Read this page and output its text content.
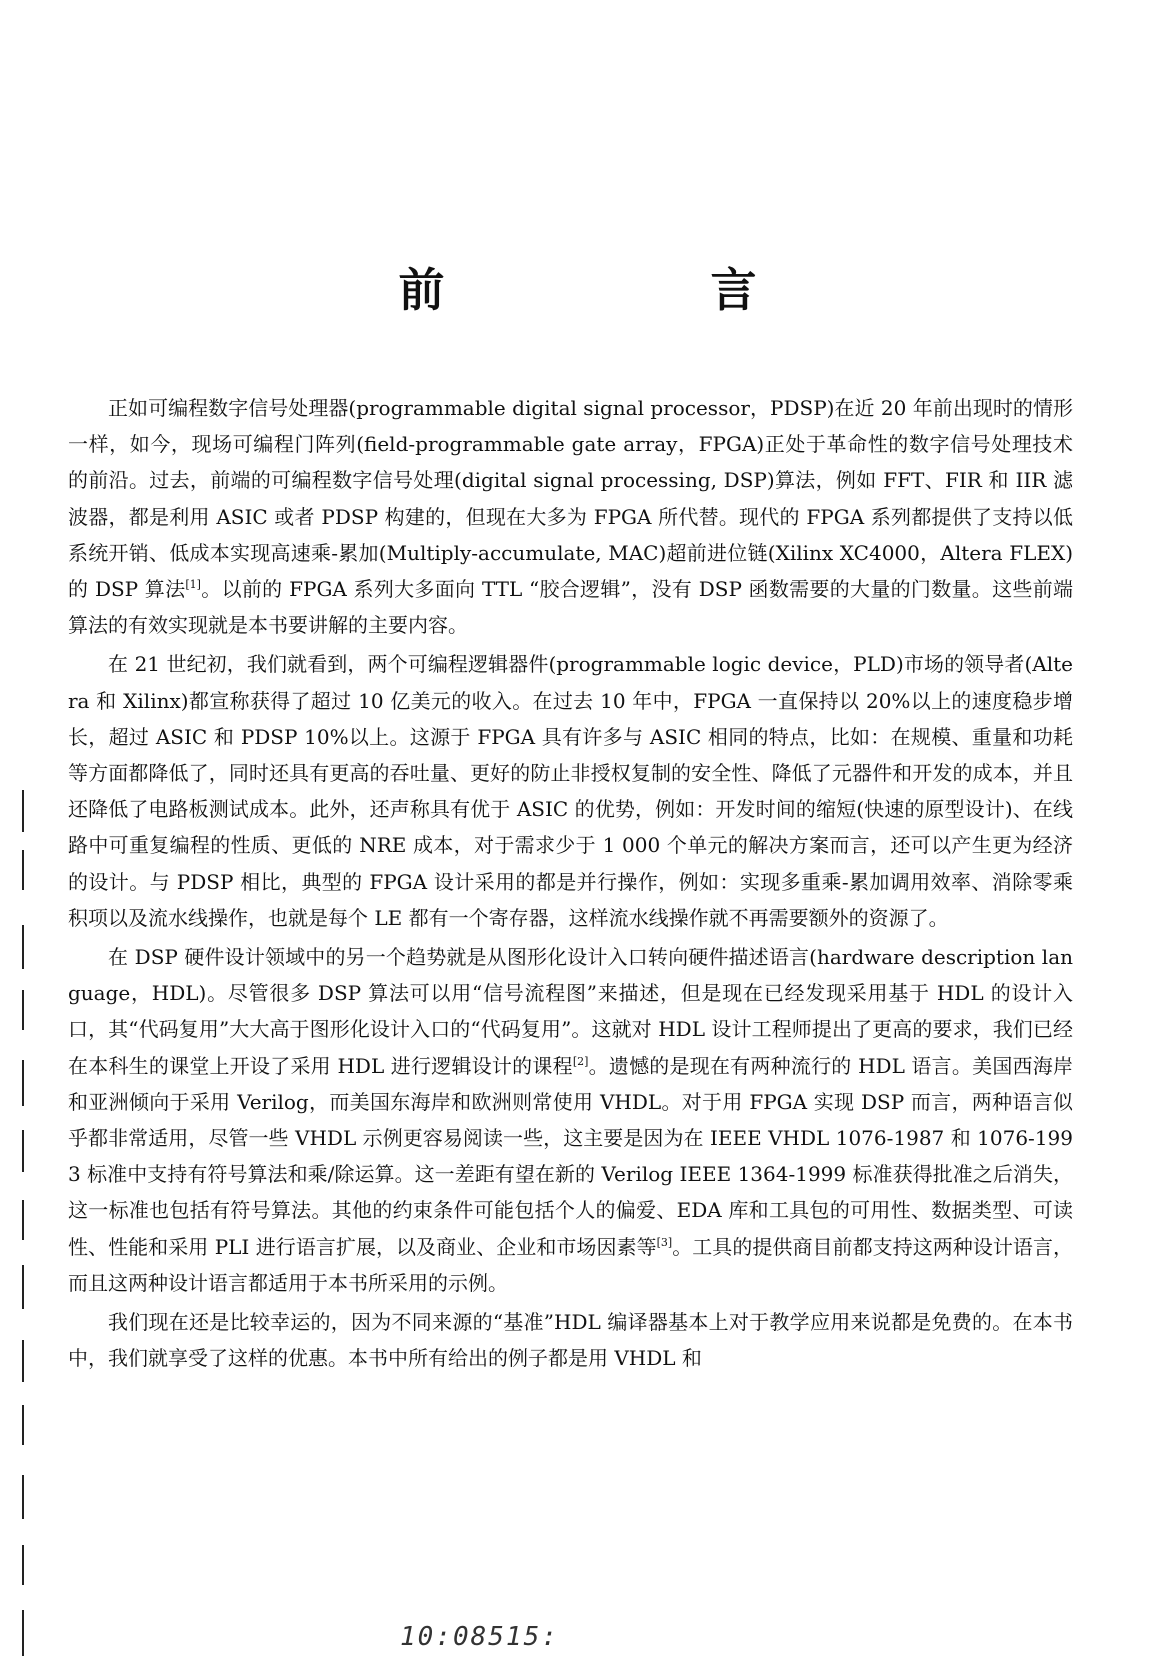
前　言

正如可编程数字信号处理器(programmable digital signal processor，PDSP)在近 20 年前出现时的情形一样，如今，现场可编程门阵列(field-programmable gate array，FPGA)正处于革命性的数字信号处理技术的前沿。过去，前端的可编程数字信号处理(digital signal processing, DSP)算法，例如 FFT、FIR 和 IIR 滤波器，都是利用 ASIC 或者 PDSP 构建的，但现在大多为 FPGA 所代替。现代的 FPGA 系列都提供了支持以低系统开销、低成本实现高速乘-累加(Multiply-accumulate, MAC)超前进位链(Xilinx XC4000，Altera FLEX)的 DSP 算法[1]。以前的 FPGA 系列大多面向 TTL “胶合逻辑”，没有 DSP 函数需要的大量的门数量。这些前端算法的有效实现就是本书要讲解的主要内容。

在 21 世纪初，我们就看到，两个可编程逻辑器件(programmable logic device，PLD)市场的领导者(Altera 和 Xilinx)都宣称获得了超过 10 亿美元的收入。在过去 10 年中，FPGA 一直保持以 20%以上的速度稳步增长，超过 ASIC 和 PDSP 10%以上。这源于 FPGA 具有许多与 ASIC 相同的特点，比如：在规模、重量和功耗等方面都降低了，同时还具有更高的吞吐量、更好的防止非授权复制的安全性、降低了元器件和开发的成本，并且还降低了电路板测试成本。此外，还声称具有优于 ASIC 的优势，例如：开发时间的缩短(快速的原型设计)、在线路中可重复编程的性质、更低的 NRE 成本，对于需求少于 1 000 个单元的解决方案而言，还可以产生更为经济的设计。与 PDSP 相比，典型的 FPGA 设计采用的都是并行操作，例如：实现多重乘-累加调用效率、消除零乘积项以及流水线操作，也就是每个 LE 都有一个寄存器，这样流水线操作就不再需要额外的资源了。

在 DSP 硬件设计领域中的另一个趋势就是从图形化设计入口转向硬件描述语言(hardware description language，HDL)。尽管很多 DSP 算法可以用“信号流程图”来描述，但是现在已经发现采用基于 HDL 的设计入口，其“代码复用”大大高于图形化设计入口的“代码复用”。这就对 HDL 设计工程师提出了更高的要求，我们已经在本科生的课堂上开设了采用 HDL 进行逻辑设计的课程[2]。遗憾的是现在有两种流行的 HDL 语言。美国西海岸和亚洲倾向于采用 Verilog，而美国东海岸和欧洲则常使用 VHDL。对于用 FPGA 实现 DSP 而言，两种语言似乎都非常适用，尽管一些 VHDL 示例更容易阅读一些，这主要是因为在 IEEE VHDL 1076-1987 和 1076-1993 标准中支持有符号算法和乘/除运算。这一差距有望在新的 Verilog IEEE 1364-1999 标准获得批准之后消失，这一标准也包括有符号算法。其他的约束条件可能包括个人的偏爱、EDA 库和工具包的可用性、数据类型、可读性、性能和采用 PLI 进行语言扩展，以及商业、企业和市场因素等[3]。工具的提供商目前都支持这两种设计语言，而且这两种设计语言都适用于本书所采用的示例。

我们现在还是比较幸运的，因为不同来源的“基准”HDL 编译器基本上对于教学应用来说都是免费的。在本书中，我们就享受了这样的优惠。本书中所有给出的例子都是用 VHDL 和

10:08515:
